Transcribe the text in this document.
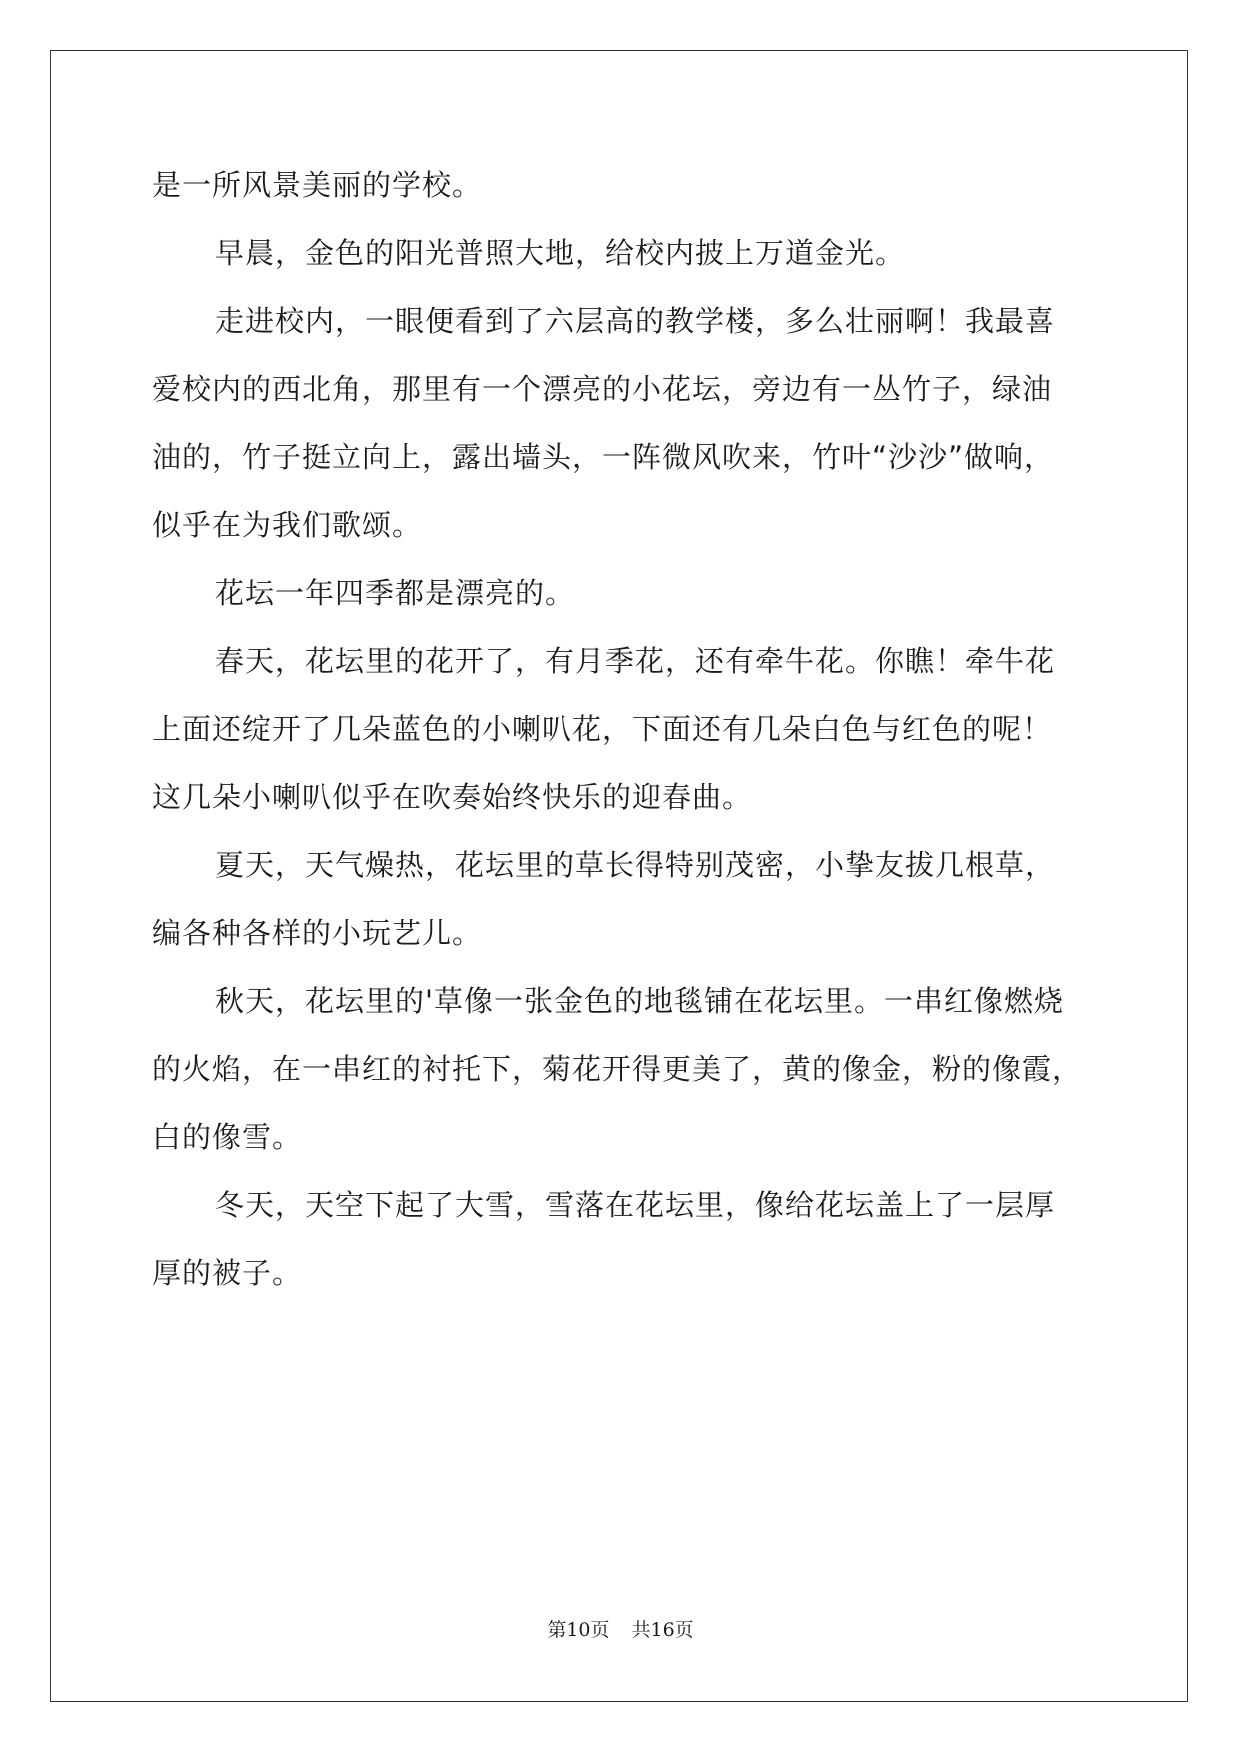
是一所风景美丽的学校。
早晨，金色的阳光普照大地，给校内披上万道金光。
走进校内，一眼便看到了六层高的教学楼，多么壮丽啊！我最喜
爱校内的西北角，那里有一个漂亮的小花坛，旁边有一丛竹子，绿油
油的，竹子挺立向上，露出墙头，一阵微风吹来，竹叶“沙沙”做响，
似乎在为我们歌颂。
花坛一年四季都是漂亮的。
春天，花坛里的花开了，有月季花，还有牵牛花。你瞧！牵牛花
上面还绽开了几朵蓝色的小喇叭花，下面还有几朵白色与红色的呢！
这几朵小喇叭似乎在吹奏始终快乐的迎春曲。
夏天，天气燥热，花坛里的草长得特别茂密，小挚友拔几根草，
编各种各样的小玩艺儿。
秋天，花坛里的'草像一张金色的地毯铺在花坛里。一串红像燃烧
的火焰，在一串红的衬托下，菊花开得更美了，黄的像金，粉的像霞，
白的像雪。
冬天，天空下起了大雪，雪落在花坛里，像给花坛盖上了一层厚
厚的被子。
第10页 共16页
